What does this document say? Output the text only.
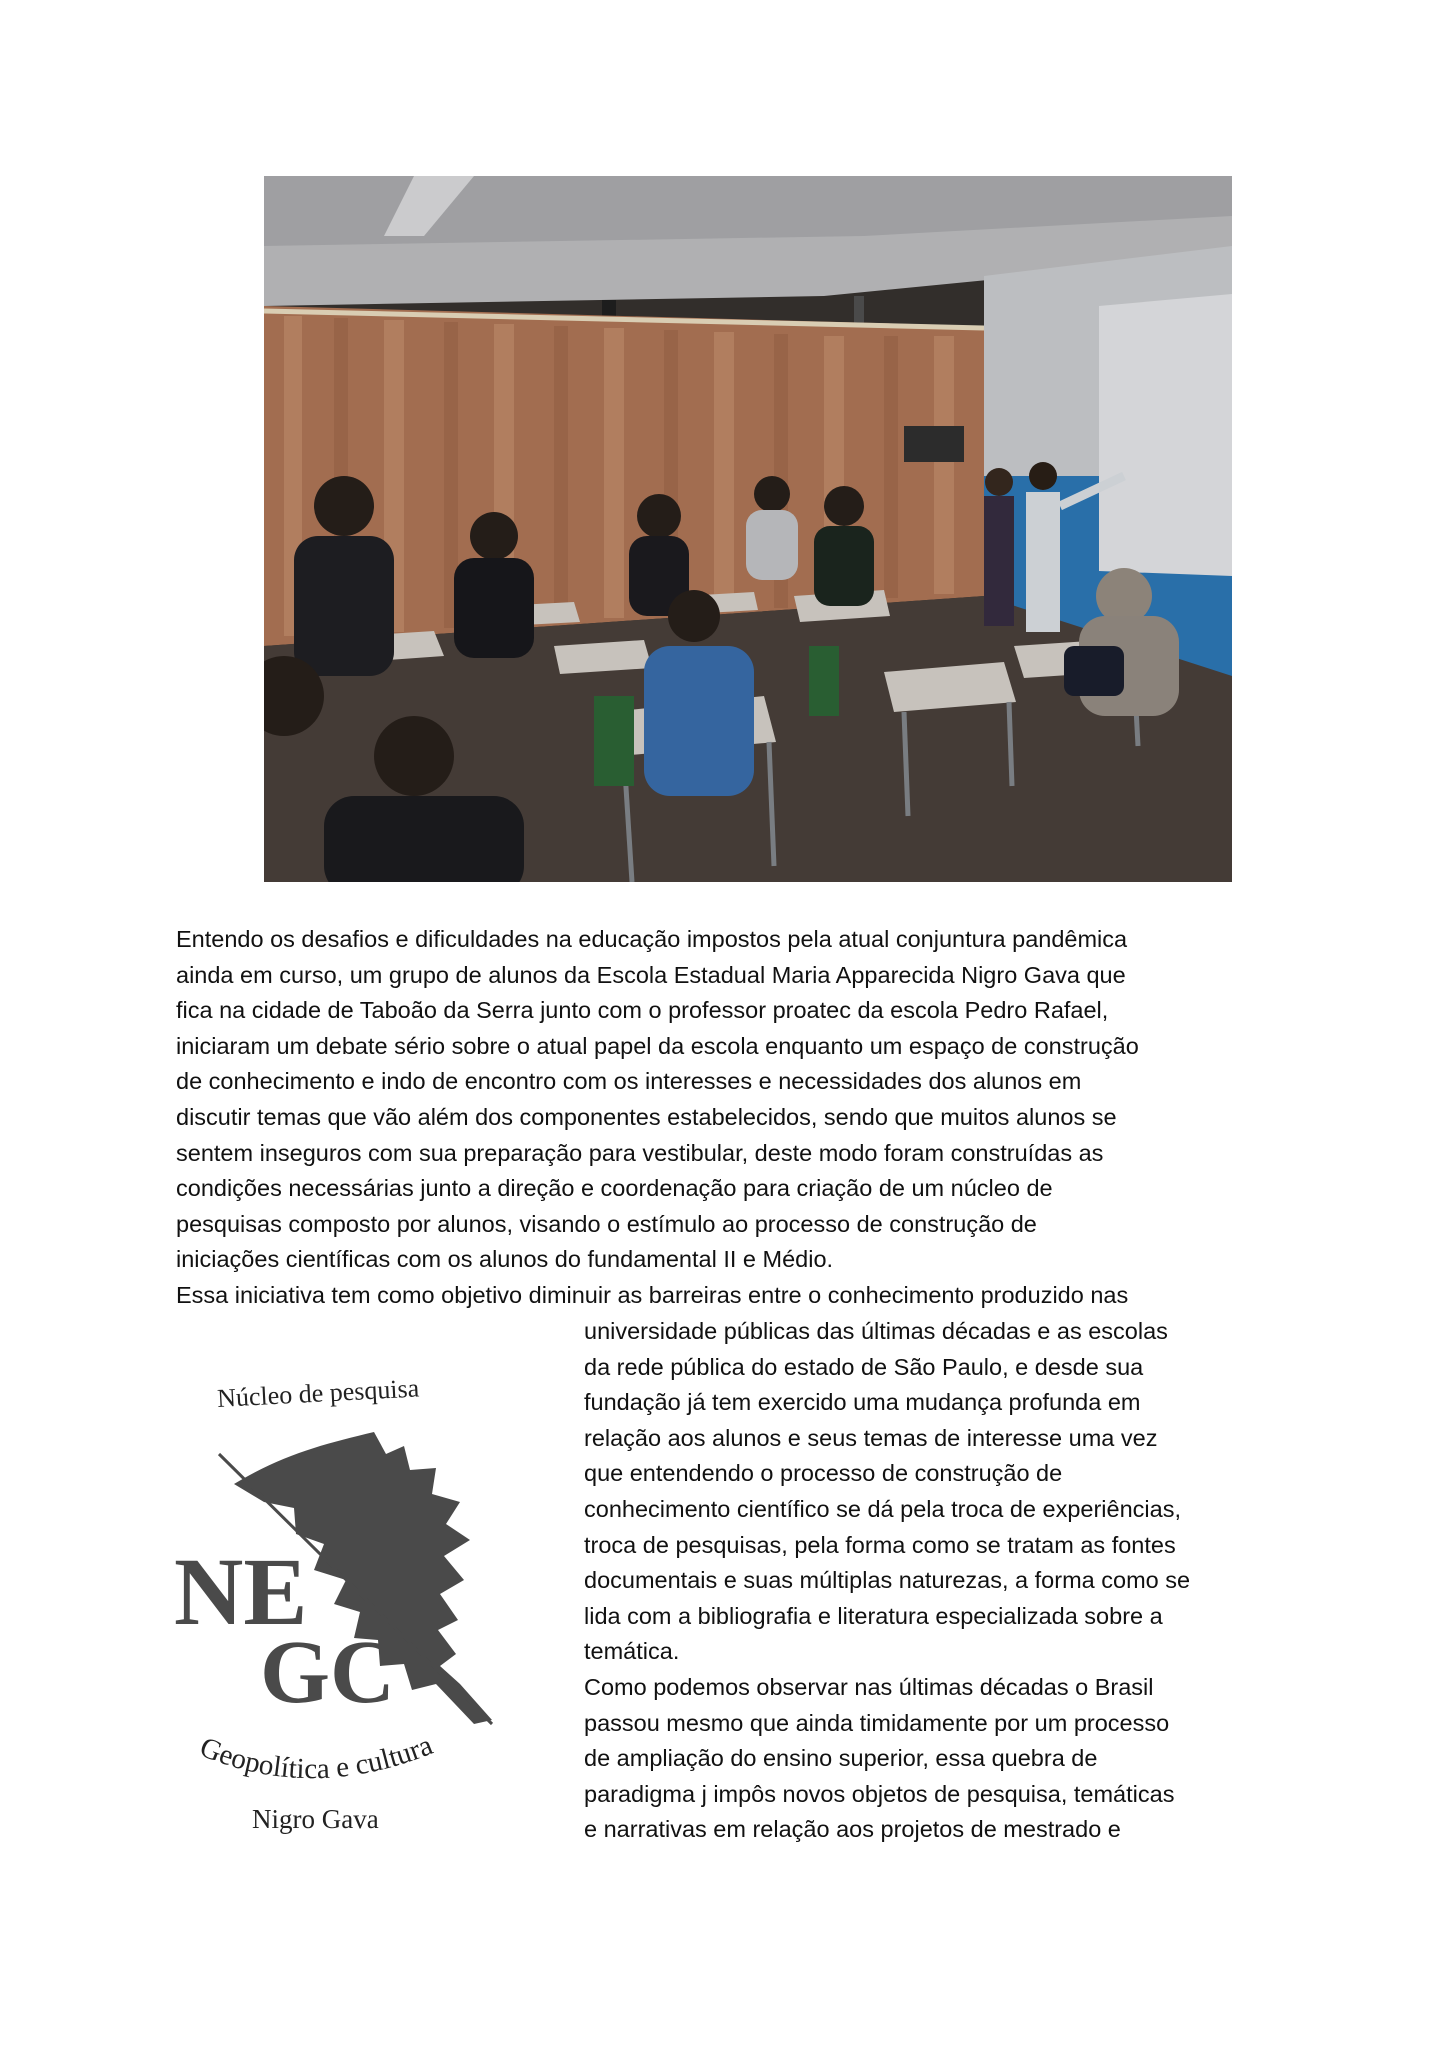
Entendo os desafios e dificuldades na educação impostos pela atual conjuntura pandêmica
ainda em curso, um grupo de alunos da Escola Estadual Maria Apparecida Nigro Gava que
fica na cidade de Taboão da Serra junto com o professor proatec da escola Pedro Rafael,
iniciaram um debate sério sobre o atual papel da escola enquanto um espaço de construção
de conhecimento e indo de encontro com os interesses e necessidades dos alunos em
discutir temas que vão além dos componentes estabelecidos, sendo que muitos alunos se
sentem inseguros com sua preparação para vestibular, deste modo foram construídas as
condições necessárias junto a direção e coordenação para criação de um núcleo de
pesquisas composto por alunos, visando o estímulo ao processo de construção de
iniciações científicas com os alunos do fundamental II e Médio.
Essa iniciativa tem como objetivo diminuir as barreiras entre o conhecimento produzido nas
universidade públicas das últimas décadas e as escolas
da rede pública do estado de São Paulo, e desde sua
fundação já tem exercido uma mudança profunda em
relação aos alunos e seus temas de interesse uma vez
que entendendo o processo de construção de
conhecimento científico se dá pela troca de experiências,
troca de pesquisas, pela forma como se tratam as fontes
documentais e suas múltiplas naturezas, a forma como se
lida com a bibliografia e literatura especializada sobre a
temática.
Como podemos observar nas últimas décadas o Brasil
passou mesmo que ainda timidamente por um processo
de ampliação do ensino superior, essa quebra de
paradigma j impôs novos objetos de pesquisa, temáticas
e narrativas em relação aos projetos de mestrado e
Núcleo de pesquisa
NE
GC
Geopolítica e cultura
Nigro Gava
